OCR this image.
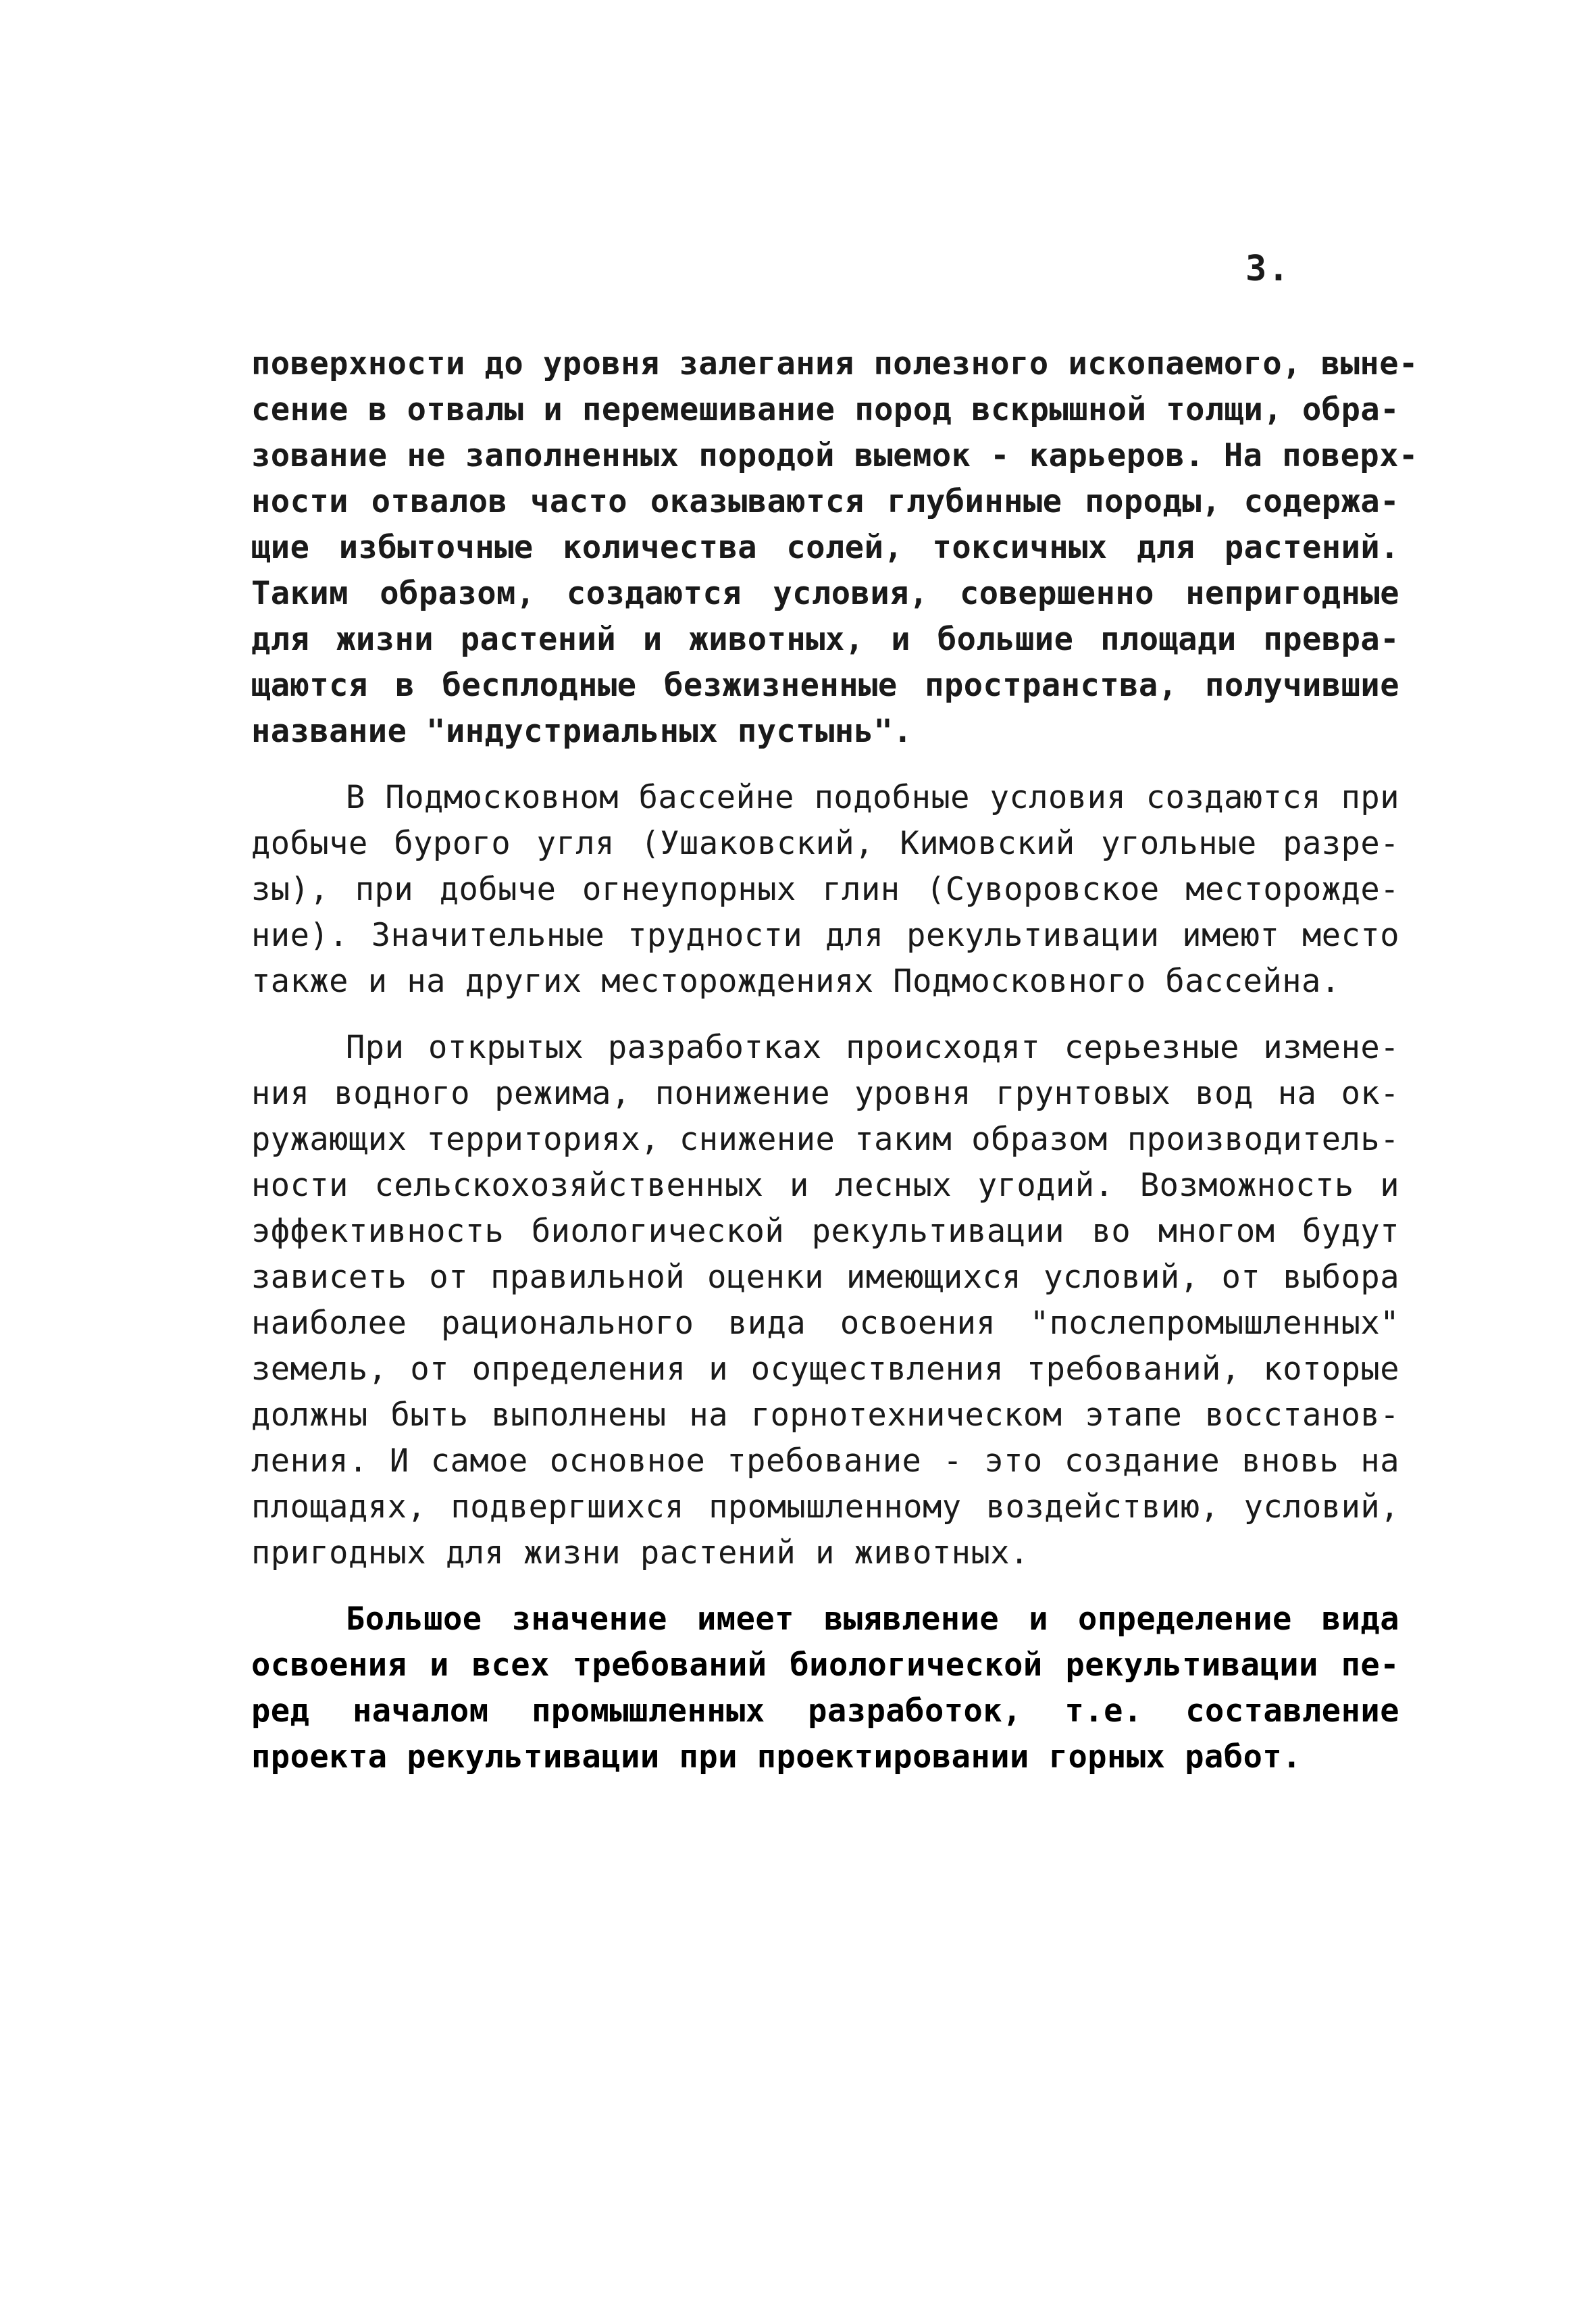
3.

поверхности до уровня залегания полезного ископаемого, выне-
сение в отвалы и перемешивание пород вскрышной толщи, обра-
зование не заполненных породой выемок - карьеров. На поверх-
ности отвалов часто оказываются глубинные породы, содержа-
щие избыточные количества солей, токсичных для растений.
Таким образом, создаются условия, совершенно непригодные
для жизни растений и животных, и большие площади превра-
щаются в бесплодные безжизненные пространства, получившие
название "индустриальных пустынь".

В Подмосковном бассейне подобные условия создаются при
добыче бурого угля (Ушаковский, Кимовский угольные разре-
зы), при добыче огнеупорных глин (Суворовское месторожде-
ние). Значительные трудности для рекультивации имеют место
также и на других месторождениях Подмосковного бассейна.

При открытых разработках происходят серьезные измене-
ния водного режима, понижение уровня грунтовых вод на ок-
ружающих территориях, снижение таким образом производитель-
ности сельскохозяйственных и лесных угодий. Возможность и
эффективность биологической рекультивации во многом будут
зависеть от правильной оценки имеющихся условий, от выбора
наиболее рационального вида освоения "послепромышленных"
земель, от определения и осуществления требований, которые
должны быть выполнены на горнотехническом этапе восстанов-
ления. И самое основное требование - это создание вновь на
площадях, подвергшихся промышленному воздействию, условий,
пригодных для жизни растений и животных.

Большое значение имеет выявление и определение вида
освоения и всех требований биологической рекультивации пе-
ред началом промышленных разработок, т.е. составление
проекта рекультивации при проектировании горных работ.
